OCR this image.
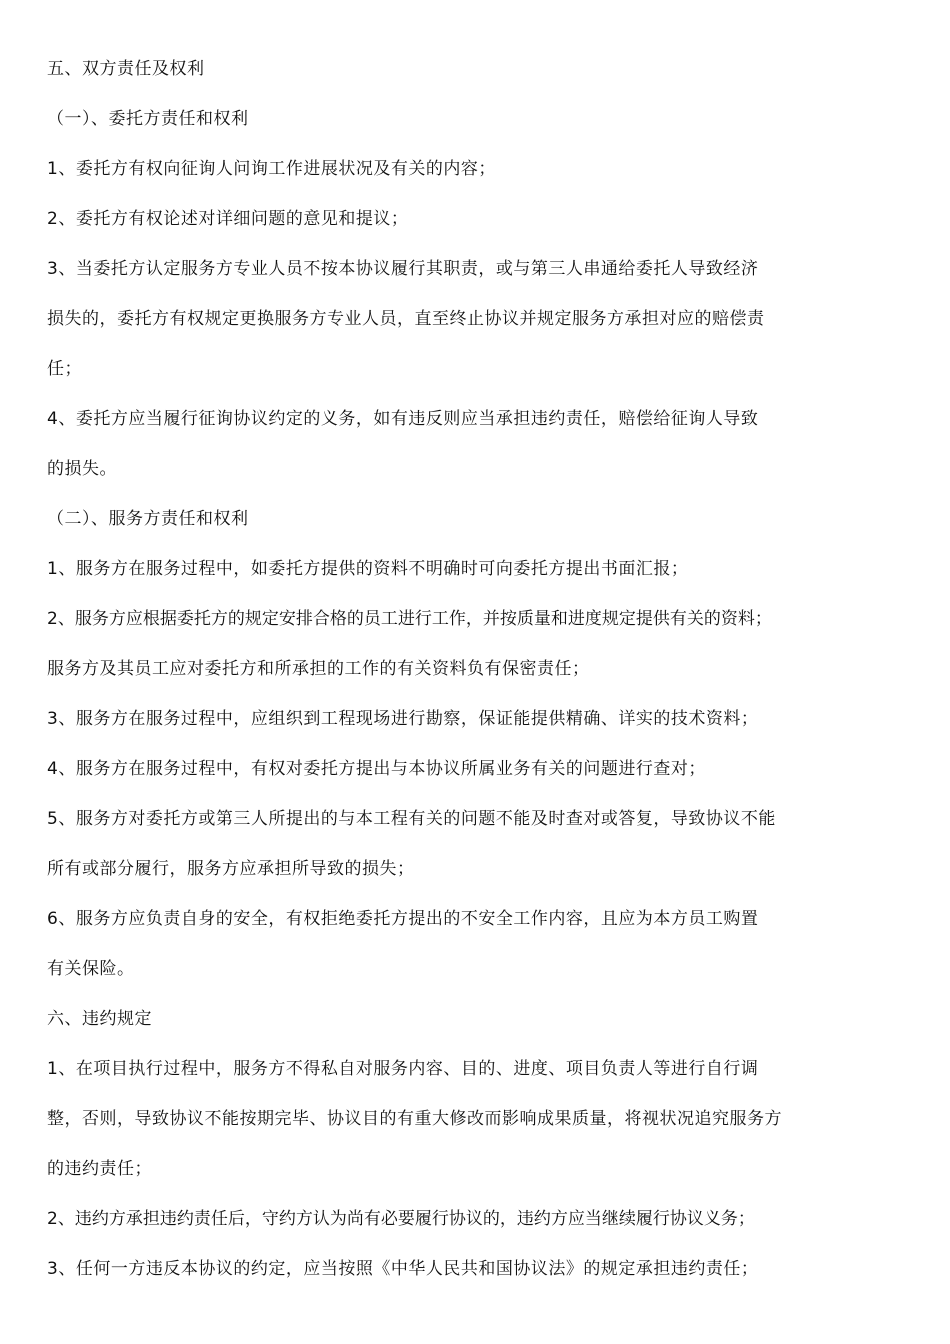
五、双方责任及权利
（一）、委托方责任和权利
1、委托方有权向征询人问询工作进展状况及有关的内容；
2、委托方有权论述对详细问题的意见和提议；
3、当委托方认定服务方专业人员不按本协议履行其职责，或与第三人串通给委托人导致经济
损失的，委托方有权规定更换服务方专业人员，直至终止协议并规定服务方承担对应的赔偿责
任；
4、委托方应当履行征询协议约定的义务，如有违反则应当承担违约责任，赔偿给征询人导致
的损失。
（二）、服务方责任和权利
1、服务方在服务过程中，如委托方提供的资料不明确时可向委托方提出书面汇报；
2、服务方应根据委托方的规定安排合格的员工进行工作，并按质量和进度规定提供有关的资料；
服务方及其员工应对委托方和所承担的工作的有关资料负有保密责任；
3、服务方在服务过程中，应组织到工程现场进行勘察，保证能提供精确、详实的技术资料；
4、服务方在服务过程中，有权对委托方提出与本协议所属业务有关的问题进行查对；
5、服务方对委托方或第三人所提出的与本工程有关的问题不能及时查对或答复，导致协议不能
所有或部分履行，服务方应承担所导致的损失；
6、服务方应负责自身的安全，有权拒绝委托方提出的不安全工作内容，且应为本方员工购置
有关保险。
六、违约规定
1、在项目执行过程中，服务方不得私自对服务内容、目的、进度、项目负责人等进行自行调
整，否则，导致协议不能按期完毕、协议目的有重大修改而影响成果质量，将视状况追究服务方
的违约责任；
2、违约方承担违约责任后，守约方认为尚有必要履行协议的，违约方应当继续履行协议义务；
3、任何一方违反本协议的约定，应当按照《中华人民共和国协议法》的规定承担违约责任；
